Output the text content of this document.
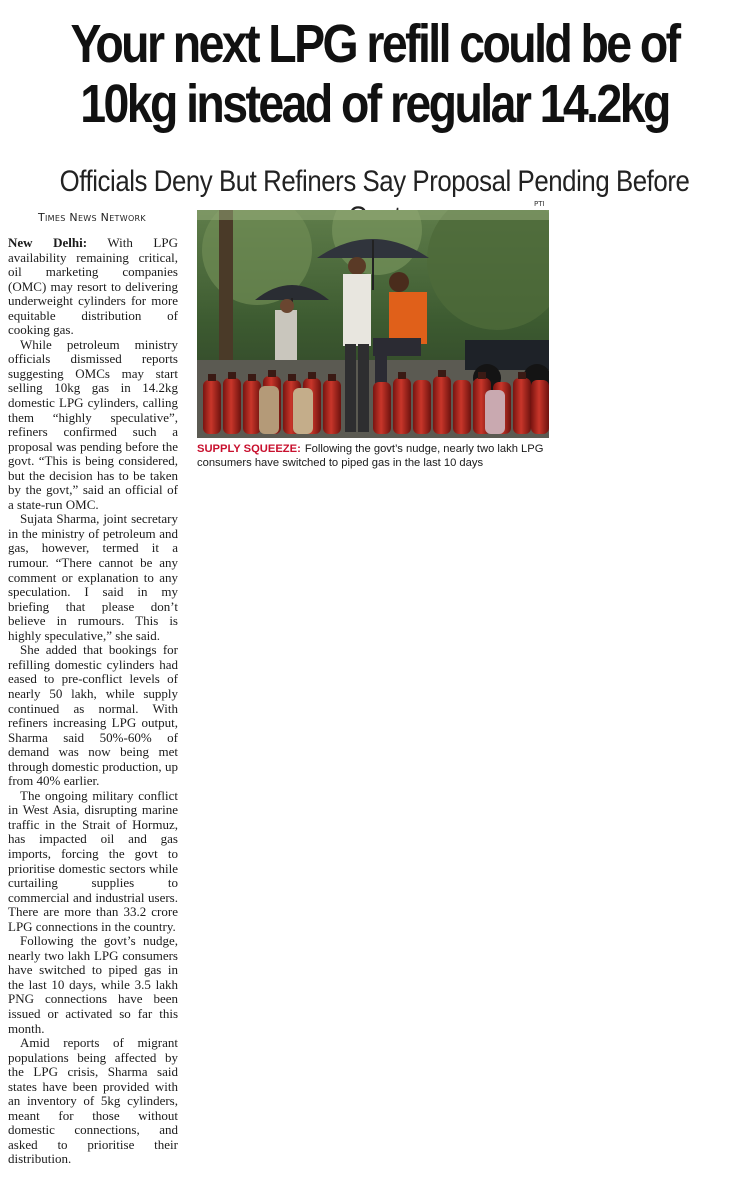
Your next LPG refill could be of
10kg instead of regular 14.2kg
Officials Deny But Refiners Say Proposal Pending Before
Times News Network

New Delhi: With LPG availability remaining critical, oil marketing companies (OMC) may resort to delivering underweight cylinders for more equitable distribution of cooking gas.

While petroleum ministry officials dismissed reports suggesting OMCs may start selling 10kg gas in 14.2kg domestic LPG cylinders, calling them “highly speculative”, refiners confirmed such a proposal was pending before the govt. “This is being considered, but the decision has to be taken by the govt,” said an official of a state-run OMC.

Sujata Sharma, joint secretary in the ministry of petroleum and gas, however, termed it a rumour. “There cannot be any comment or explanation to any speculation. I said in my briefing that please don’t believe in rumours. This is highly speculative,” she said.

She added that bookings for refilling domestic cylinders had eased to pre-conflict levels of nearly 50 lakh, while supply continued as normal. With refiners increasing LPG output, Sharma said 50%-60% of demand was now being met through domestic production, up from 40% earlier.

The ongoing military conflict in West Asia, disrupting marine traffic in the Strait of Hormuz, has impacted oil and gas imports, forcing the govt to prioritise domestic sectors while curtailing supplies to commercial and industrial users. There are more than 33.2 crore LPG connections in the country.

Following the govt’s nudge, nearly two lakh LPG consumers have switched to piped gas in the last 10 days, while 3.5 lakh PNG connections have been issued or activated so far this month.

Amid reports of migrant populations being affected by the LPG crisis, Sharma said states have been provided with an inventory of 5kg cylinders, meant for those without domestic connections, and asked to prioritise their distribution.

PTI
SUPPLY SQUEEZE: Following the govt’s nudge, nearly two lakh LPG consumers have switched to piped gas in the last 10 days
